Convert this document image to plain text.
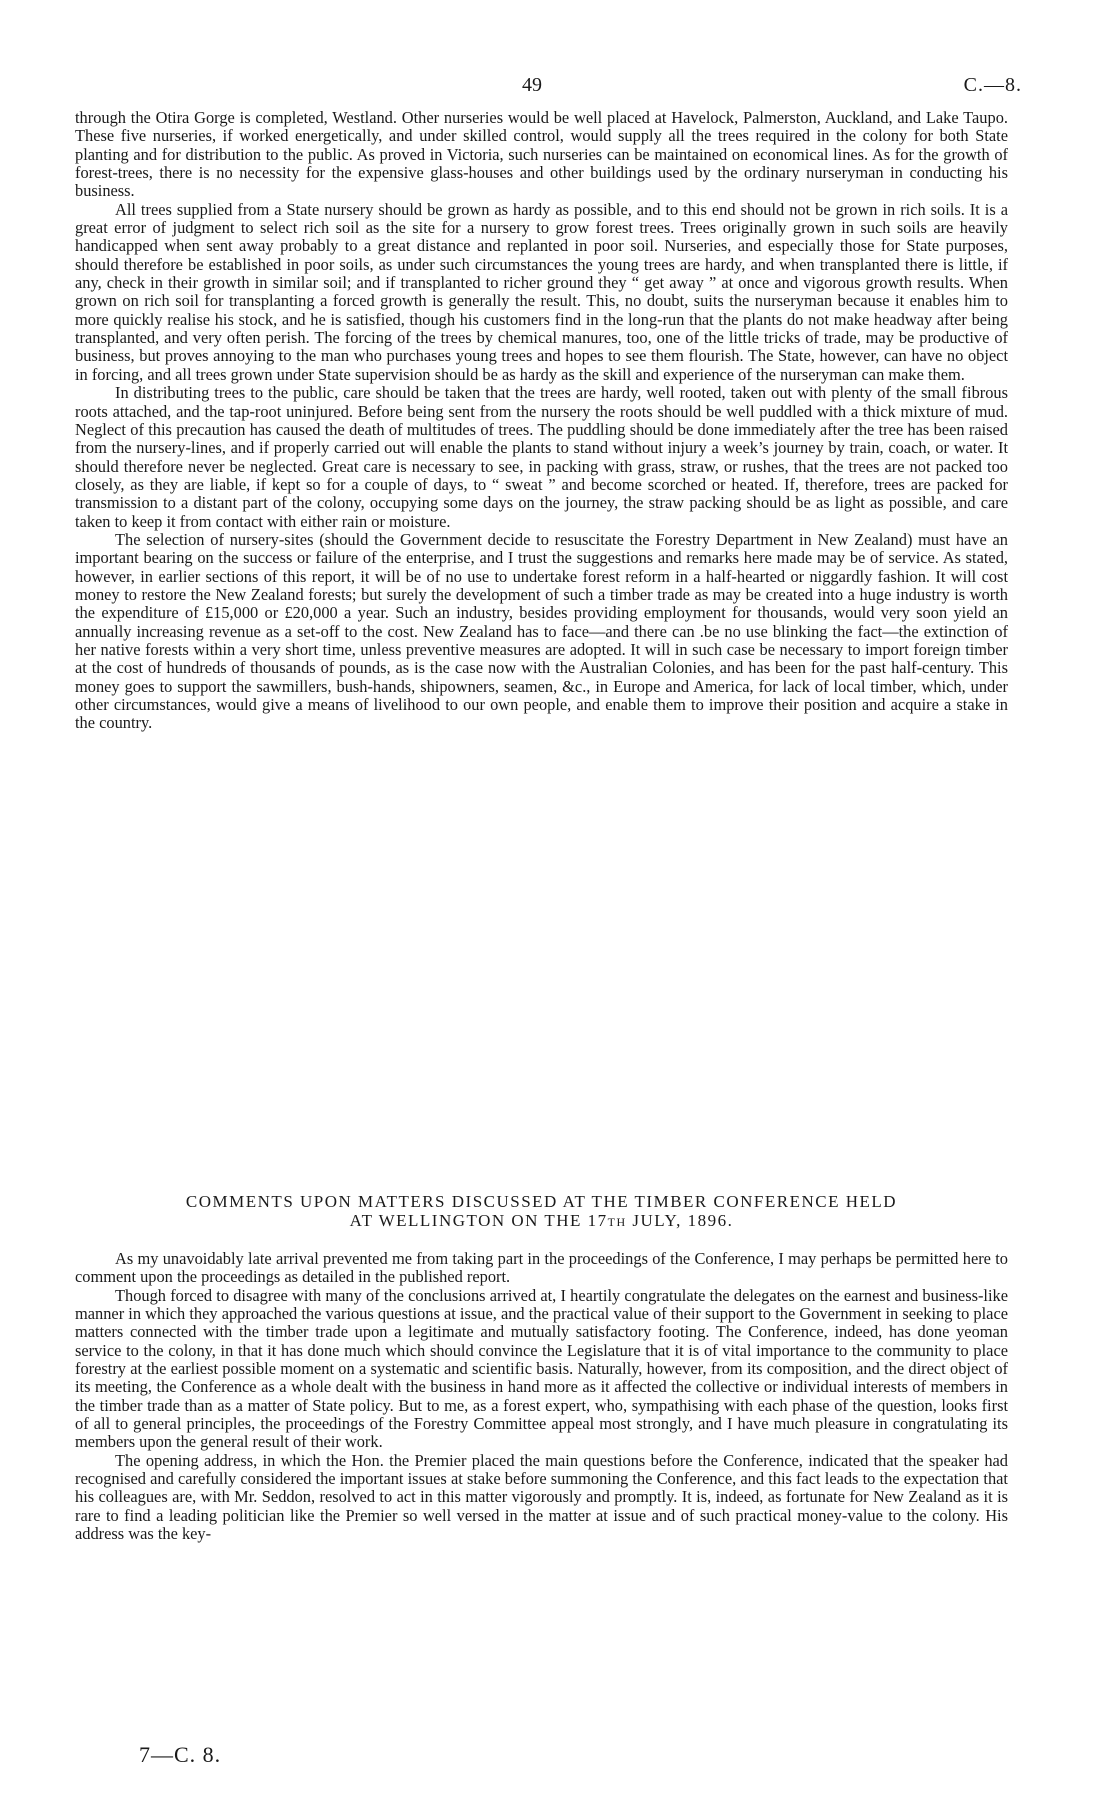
49	C.—8.

through the Otira Gorge is completed, Westland. Other nurseries would be well placed at Havelock, Palmerston, Auckland, and Lake Taupo. These five nurseries, if worked energetically, and under skilled control, would supply all the trees required in the colony for both State planting and for distribution to the public. As proved in Victoria, such nurseries can be maintained on economical lines. As for the growth of forest-trees, there is no necessity for the expensive glass-houses and other buildings used by the ordinary nurseryman in conducting his business.

All trees supplied from a State nursery should be grown as hardy as possible, and to this end should not be grown in rich soils. It is a great error of judgment to select rich soil as the site for a nursery to grow forest trees. Trees originally grown in such soils are heavily handicapped when sent away probably to a great distance and replanted in poor soil. Nurseries, and especially those for State purposes, should therefore be established in poor soils, as under such circumstances the young trees are hardy, and when transplanted there is little, if any, check in their growth in similar soil; and if transplanted to richer ground they “ get away ” at once and vigorous growth results. When grown on rich soil for transplanting a forced growth is generally the result. This, no doubt, suits the nurseryman because it enables him to more quickly realise his stock, and he is satisfied, though his customers find in the long-run that the plants do not make headway after being transplanted, and very often perish. The forcing of the trees by chemical manures, too, one of the little tricks of trade, may be productive of business, but proves annoying to the man who purchases young trees and hopes to see them flourish. The State, however, can have no object in forcing, and all trees grown under State supervision should be as hardy as the skill and experience of the nurseryman can make them.

In distributing trees to the public, care should be taken that the trees are hardy, well rooted, taken out with plenty of the small fibrous roots attached, and the tap-root uninjured. Before being sent from the nursery the roots should be well puddled with a thick mixture of mud. Neglect of this precaution has caused the death of multitudes of trees. The puddling should be done immediately after the tree has been raised from the nursery-lines, and if properly carried out will enable the plants to stand without injury a week’s journey by train, coach, or water. It should therefore never be neglected. Great care is necessary to see, in packing with grass, straw, or rushes, that the trees are not packed too closely, as they are liable, if kept so for a couple of days, to “ sweat ” and become scorched or heated. If, therefore, trees are packed for transmission to a distant part of the colony, occupying some days on the journey, the straw packing should be as light as possible, and care taken to keep it from contact with either rain or moisture.

The selection of nursery-sites (should the Government decide to resuscitate the Forestry Department in New Zealand) must have an important bearing on the success or failure of the enterprise, and I trust the suggestions and remarks here made may be of service. As stated, however, in earlier sections of this report, it will be of no use to undertake forest reform in a half-hearted or niggardly fashion. It will cost money to restore the New Zealand forests; but surely the development of such a timber trade as may be created into a huge industry is worth the expenditure of £15,000 or £20,000 a year. Such an industry, besides providing employment for thousands, would very soon yield an annually increasing revenue as a set-off to the cost. New Zealand has to face—and there can .be no use blinking the fact—the extinction of her native forests within a very short time, unless preventive measures are adopted. It will in such case be necessary to import foreign timber at the cost of hundreds of thousands of pounds, as is the case now with the Australian Colonies, and has been for the past half-century. This money goes to support the sawmillers, bush-hands, shipowners, seamen, &c., in Europe and America, for lack of local timber, which, under other circumstances, would give a means of livelihood to our own people, and enable them to improve their position and acquire a stake in the country.

COMMENTS UPON MATTERS DISCUSSED AT THE TIMBER CONFERENCE HELD
AT WELLINGTON ON THE 17th JULY, 1896.

As my unavoidably late arrival prevented me from taking part in the proceedings of the Conference, I may perhaps be permitted here to comment upon the proceedings as detailed in the published report.

Though forced to disagree with many of the conclusions arrived at, I heartily congratulate the delegates on the earnest and business-like manner in which they approached the various questions at issue, and the practical value of their support to the Government in seeking to place matters connected with the timber trade upon a legitimate and mutually satisfactory footing. The Conference, indeed, has done yeoman service to the colony, in that it has done much which should convince the Legislature that it is of vital importance to the community to place forestry at the earliest possible moment on a systematic and scientific basis. Naturally, however, from its composition, and the direct object of its meeting, the Conference as a whole dealt with the business in hand more as it affected the collective or individual interests of members in the timber trade than as a matter of State policy. But to me, as a forest expert, who, sympathising with each phase of the question, looks first of all to general principles, the proceedings of the Forestry Committee appeal most strongly, and I have much pleasure in congratulating its members upon the general result of their work.

The opening address, in which the Hon. the Premier placed the main questions before the Conference, indicated that the speaker had recognised and carefully considered the important issues at stake before summoning the Conference, and this fact leads to the expectation that his colleagues are, with Mr. Seddon, resolved to act in this matter vigorously and promptly. It is, indeed, as fortunate for New Zealand as it is rare to find a leading politician like the Premier so well versed in the matter at issue and of such practical money-value to the colony. His address was the key-

7—C. 8.
